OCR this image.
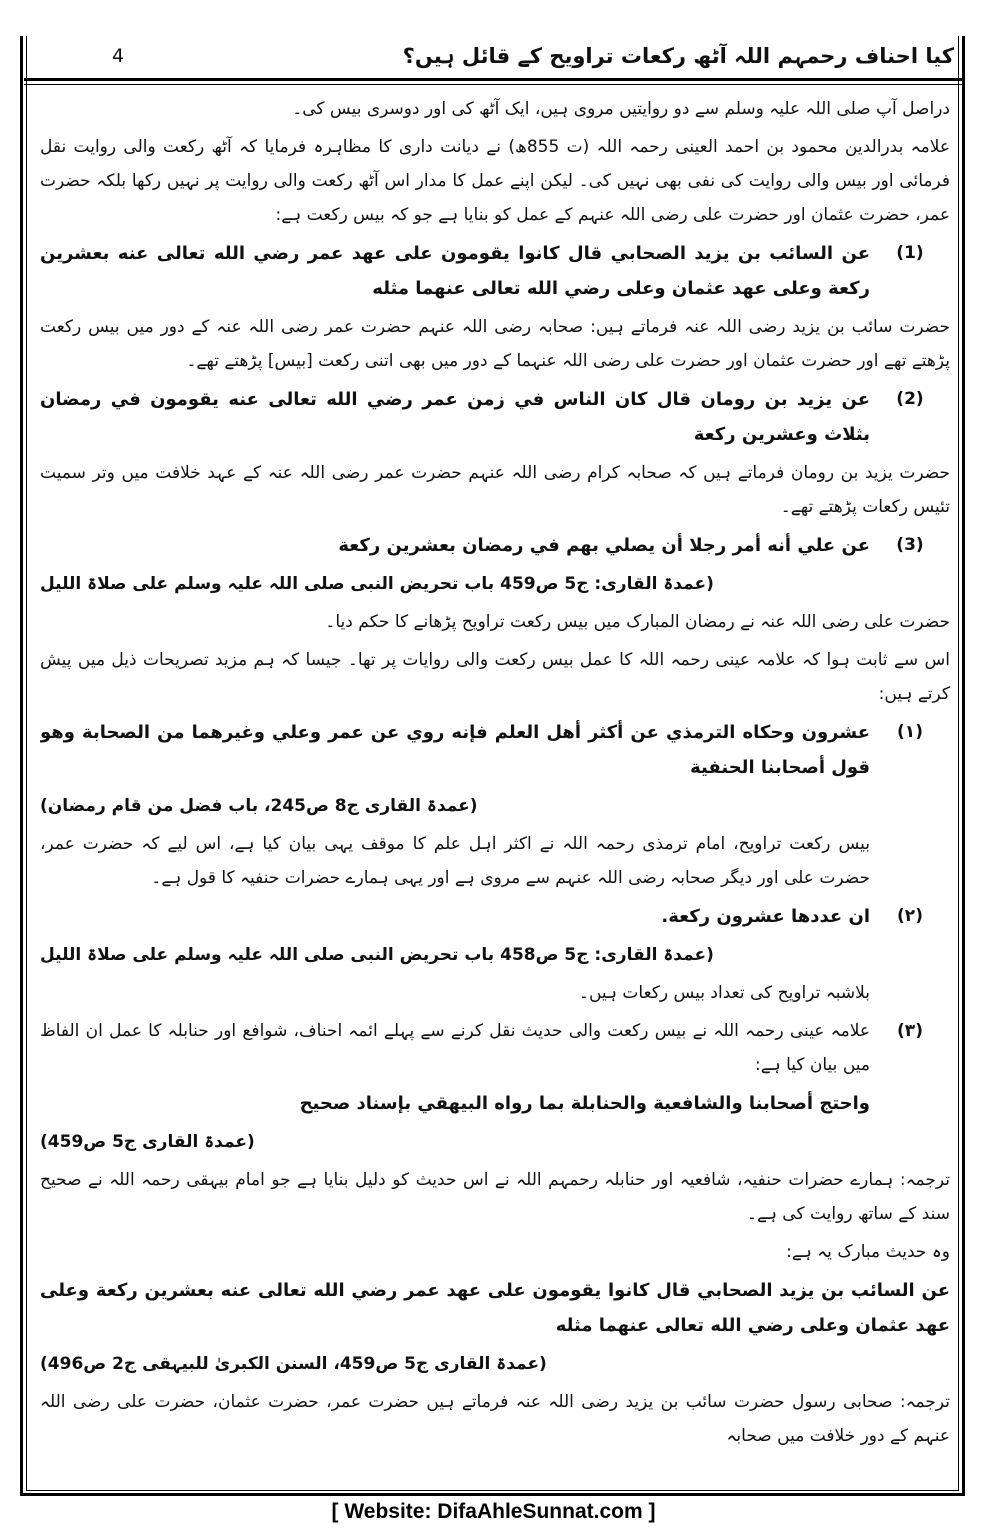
4	کیا احناف رحمہم اللہ آٹھ رکعات تراویح کے قائل ہیں؟

دراصل آپ صلی اللہ علیہ وسلم سے دو روایتیں مروی ہیں، ایک آٹھ کی اور دوسری بیس کی۔

علامہ بدرالدین محمود بن احمد العینی رحمہ اللہ (ت 855ھ) نے دیانت داری کا مظاہرہ فرمایا کہ آٹھ رکعت والی روایت نقل فرمائی اور بیس والی روایت کی نفی بھی نہیں کی۔ لیکن اپنے عمل کا مدار اس آٹھ رکعت والی روایت پر نہیں رکھا بلکہ حضرت عمر، حضرت عثمان اور حضرت علی رضی اللہ عنہم کے عمل کو بنایا ہے جو کہ بیس رکعت ہے:

(1)

عن السائب بن يزيد الصحابي قال كانوا يقومون على عهد عمر رضي الله تعالى عنه بعشرين ركعة وعلى عهد عثمان وعلى رضي الله تعالى عنهما مثله

حضرت سائب بن یزید رضی اللہ عنہ فرماتے ہیں: صحابہ رضی اللہ عنہم حضرت عمر رضی اللہ عنہ کے دور میں بیس رکعت پڑھتے تھے اور حضرت عثمان اور حضرت علی رضی اللہ عنہما کے دور میں بھی اتنی رکعت [بیس] پڑھتے تھے۔

(2)

عن يزيد بن رومان قال كان الناس في زمن عمر رضي الله تعالى عنه يقومون في رمضان بثلاث وعشرين ركعة

حضرت یزید بن رومان فرماتے ہیں کہ صحابہ کرام رضی اللہ عنہم حضرت عمر رضی اللہ عنہ کے عہد خلافت میں وتر سمیت تئیس رکعات پڑھتے تھے۔

(3)

عن علي أنه أمر رجلا أن يصلي بهم في رمضان بعشرين ركعة

(عمدۃ القاری: ج5 ص459 باب تحریض النبی صلی اللہ علیہ وسلم علی صلاۃ اللیل

حضرت علی رضی اللہ عنہ نے رمضان المبارک میں بیس رکعت تراویح پڑھانے کا حکم دیا۔

اس سے ثابت ہوا کہ علامہ عینی رحمہ اللہ کا عمل بیس رکعت والی روایات پر تھا۔ جیسا کہ ہم مزید تصریحات ذیل میں پیش کرتے ہیں:

(۱)

عشرون وحكاه الترمذي عن أكثر أهل العلم فإنه روي عن عمر وعلي وغيرهما من الصحابة وهو قول أصحابنا الحنفية

(عمدۃ القاری ج8 ص245، باب فضل من قام رمضان)

بیس رکعت تراویح، امام ترمذی رحمہ اللہ نے اکثر اہل علم کا موقف یہی بیان کیا ہے، اس لیے کہ حضرت عمر، حضرت علی اور دیگر صحابہ رضی اللہ عنہم سے مروی ہے اور یہی ہمارے حضرات حنفیہ کا قول ہے۔

(۲)

ان عددها عشرون ركعة.

(عمدۃ القاری: ج5 ص458 باب تحریض النبی صلی اللہ علیہ وسلم علی صلاۃ اللیل

بلاشبہ تراویح کی تعداد بیس رکعات ہیں۔

(۳)

علامہ عینی رحمہ اللہ نے بیس رکعت والی حدیث نقل کرنے سے پہلے ائمہ احناف، شوافع اور حنابلہ کا عمل ان الفاظ میں بیان کیا ہے:

واحتج أصحابنا والشافعية والحنابلة بما رواه البيهقي بإسناد صحيح

(عمدۃ القاری ج5 ص459)

ترجمہ: ہمارے حضرات حنفیہ، شافعیہ اور حنابلہ رحمہم اللہ نے اس حدیث کو دلیل بنایا ہے جو امام بیہقی رحمہ اللہ نے صحیح سند کے ساتھ روایت کی ہے۔

وہ حدیث مبارک یہ ہے:

عن السائب بن يزيد الصحابي قال كانوا يقومون على عهد عمر رضي الله تعالى عنه بعشرين ركعة وعلى عهد عثمان وعلى رضي الله تعالى عنهما مثله

(عمدۃ القاری ج5 ص459، السنن الکبریٰ للبیہقی ج2 ص496)

ترجمہ: صحابی رسول حضرت سائب بن یزید رضی اللہ عنہ فرماتے ہیں حضرت عمر، حضرت عثمان، حضرت علی رضی اللہ عنہم کے دور خلافت میں صحابہ

[ Website: DifaAhleSunnat.com ]
